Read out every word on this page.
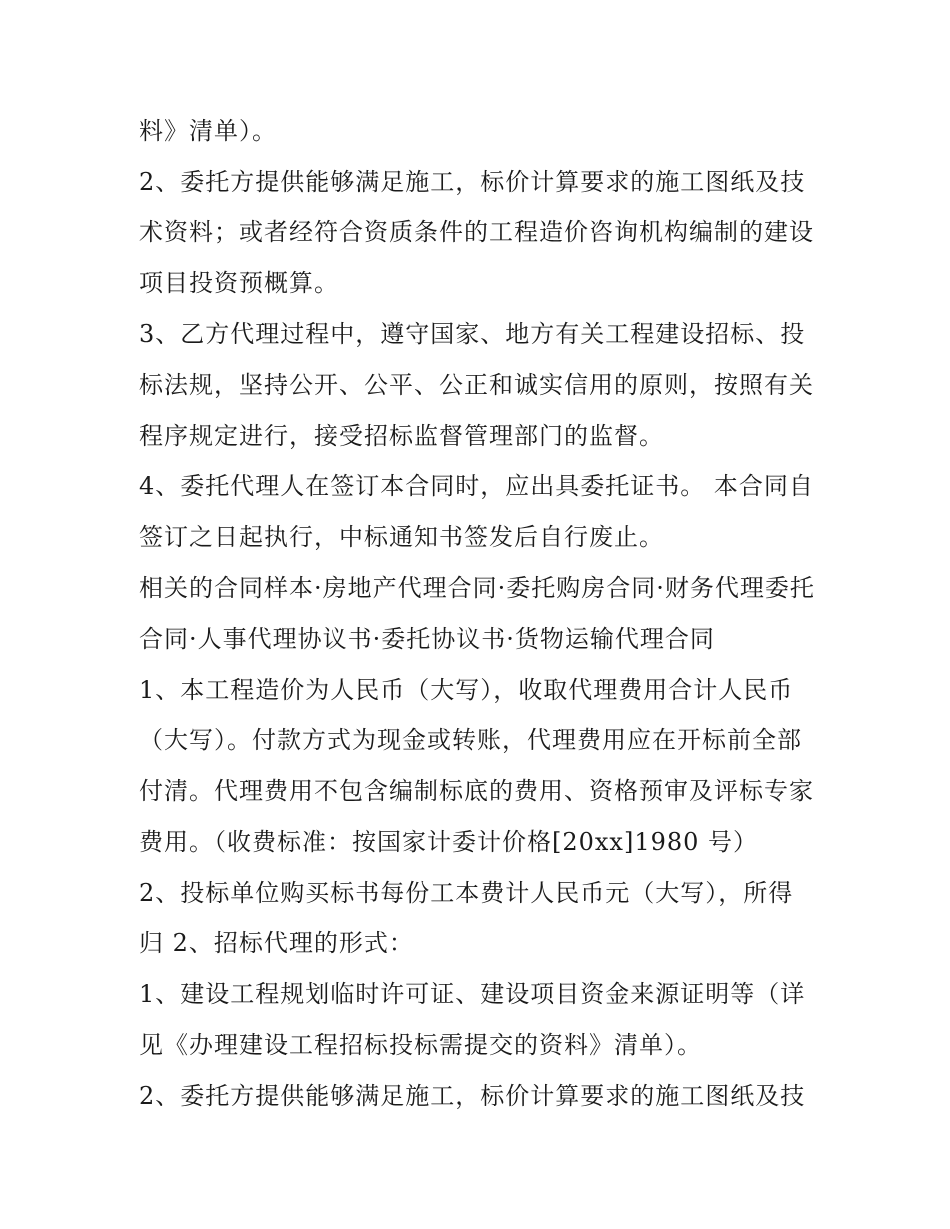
料》清单）。
2、委托方提供能够满足施工，标价计算要求的施工图纸及技
术资料；或者经符合资质条件的工程造价咨询机构编制的建设
项目投资预概算。
3、乙方代理过程中，遵守国家、地方有关工程建设招标、投
标法规，坚持公开、公平、公正和诚实信用的原则，按照有关
程序规定进行，接受招标监督管理部门的监督。
4、委托代理人在签订本合同时，应出具委托证书。 本合同自
签订之日起执行，中标通知书签发后自行废止。
相关的合同样本·房地产代理合同·委托购房合同·财务代理委托
合同·人事代理协议书·委托协议书·货物运输代理合同
1、本工程造价为人民币（大写），收取代理费用合计人民币
（大写）。付款方式为现金或转账，代理费用应在开标前全部
付清。代理费用不包含编制标底的费用、资格预审及评标专家
费用。（收费标准：按国家计委计价格[20xx]1980 号）
2、投标单位购买标书每份工本费计人民币元（大写），所得
归 2、招标代理的形式：
1、建设工程规划临时许可证、建设项目资金来源证明等（详
见《办理建设工程招标投标需提交的资料》清单）。
2、委托方提供能够满足施工，标价计算要求的施工图纸及技
